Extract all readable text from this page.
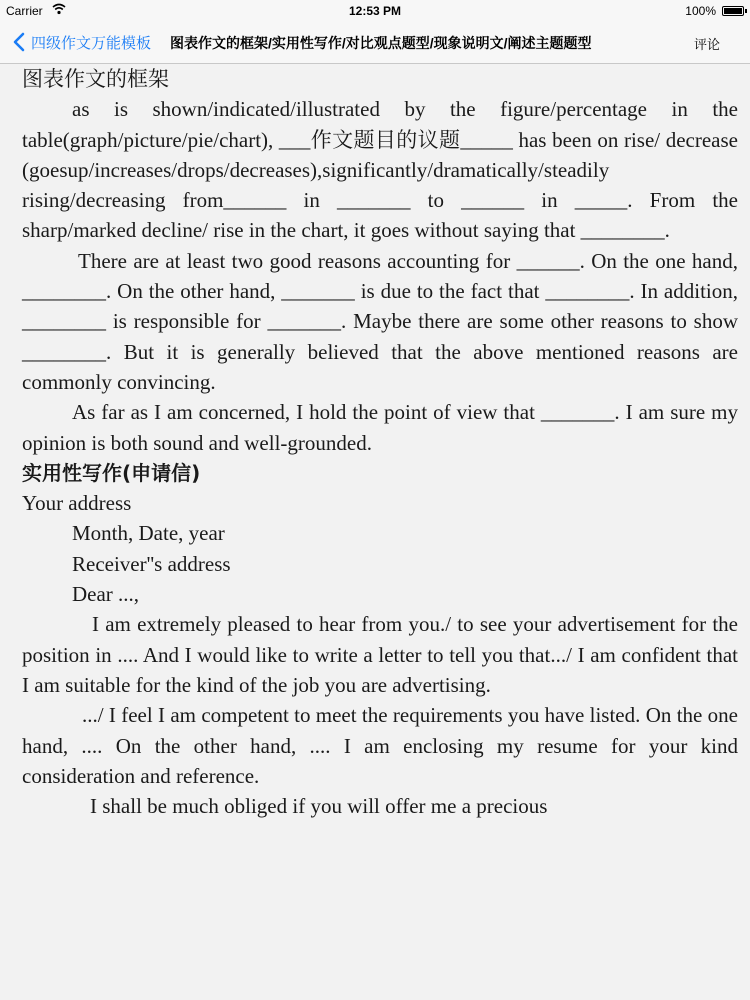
Carrier	12:53 PM	100%
四级作文万能模板 图表作文的框架/实用性写作/对比观点题型/现象说明文/阐述主题题型	评论

图表作文的框架

as is shown/indicated/illustrated by the figure/percentage in the table(graph/picture/pie/chart), ___作文题目的议题_____ has been on rise/ decrease (goesup/increases/drops/decreases),significantly/dramatically/steadily rising/decreasing from______ in _______ to ______ in _____. From the sharp/marked decline/ rise in the chart, it goes without saying that ________.

There are at least two good reasons accounting for ______. On the one hand, ________. On the other hand, _______ is due to the fact that ________. In addition, ________ is responsible for _______. Maybe there are some other reasons to show ________. But it is generally believed that the above mentioned reasons are commonly convincing.

As far as I am concerned, I hold the point of view that _______. I am sure my opinion is both sound and well-grounded.

实用性写作(申请信)

Your address

Month, Date, year

Receiver''s address

Dear ...,

I am extremely pleased to hear from you./ to see your advertisement for the position in .... And I would like to write a letter to tell you that.../ I am confident that I am suitable for the kind of the job you are advertising.

.../ I feel I am competent to meet the requirements you have listed. On the one hand, .... On the other hand, .... I am enclosing my resume for your kind consideration and reference.

I shall be much obliged if you will offer me a precious
